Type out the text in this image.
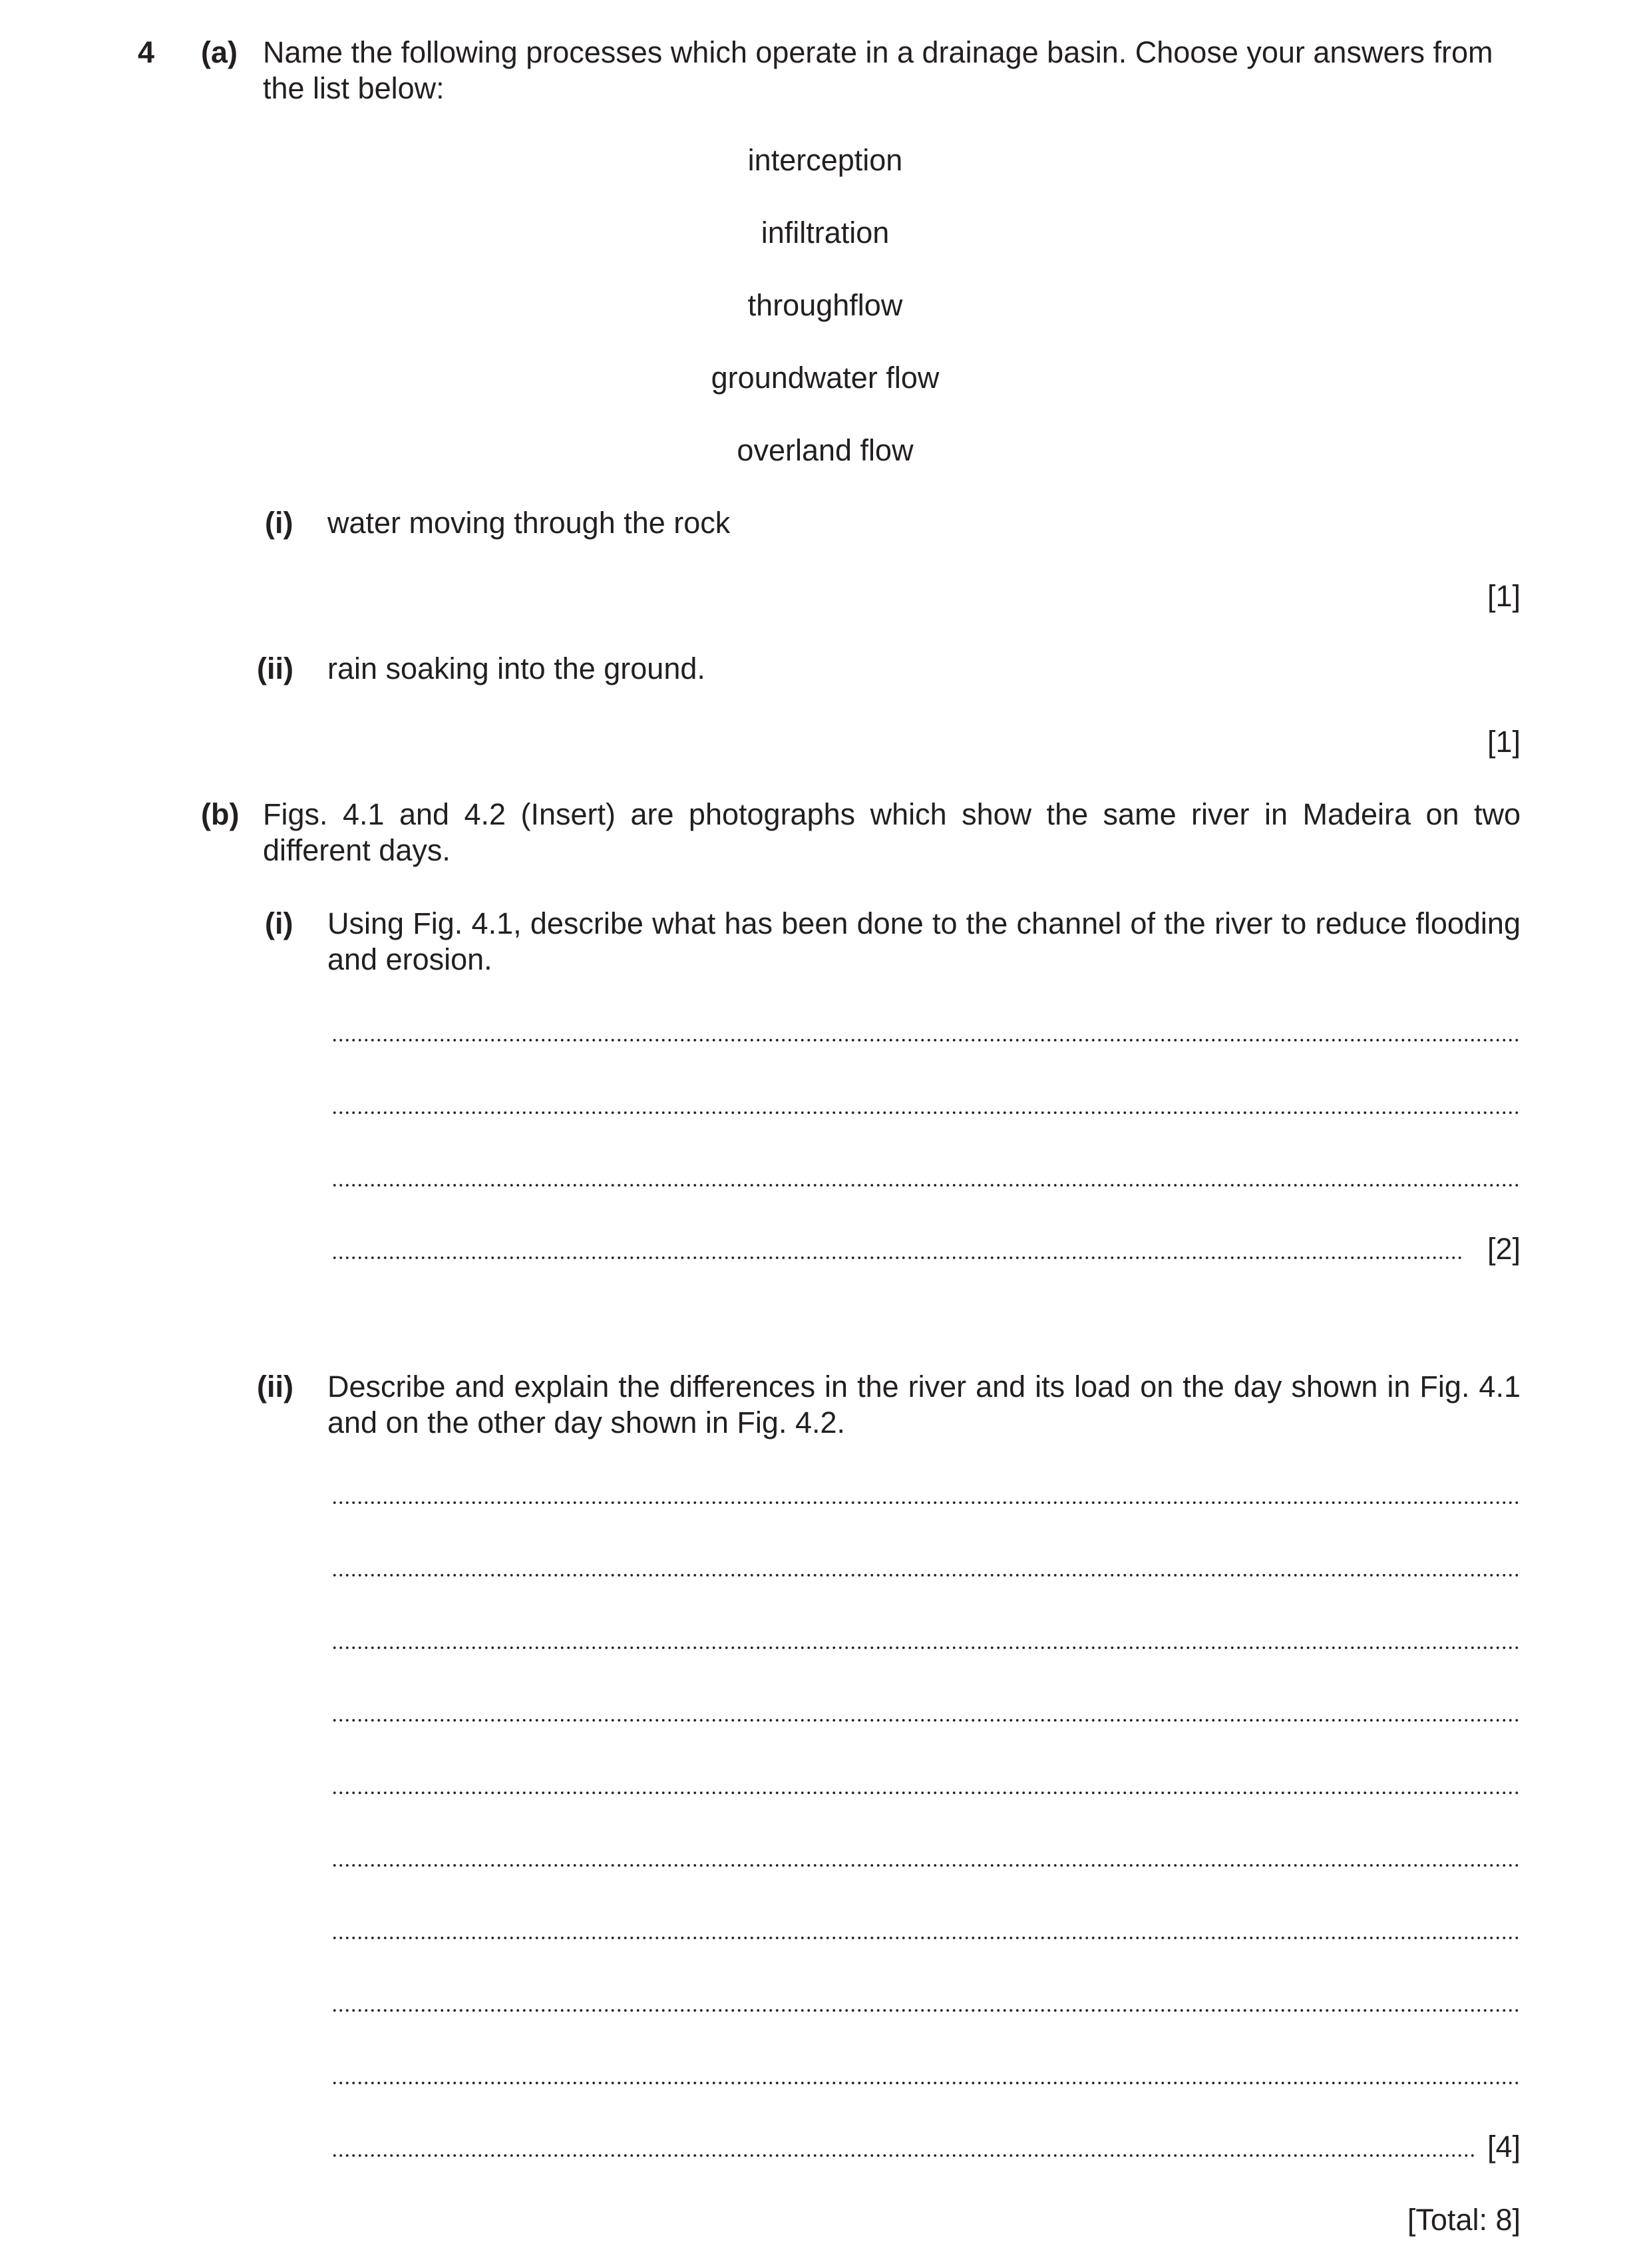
4 (a) Name the following processes which operate in a drainage basin. Choose your answers from
the list below:
interception
infiltration
throughflow
groundwater flow
overland flow
(i) water moving through the rock
[1]
(ii) rain soaking into the ground.
[1]
(b) Figs. 4.1 and 4.2 (Insert) are photographs which show the same river in Madeira on two
different days.
(i) Using Fig. 4.1, describe what has been done to the channel of the river to reduce flooding
and erosion.
[2]
(ii) Describe and explain the differences in the river and its load on the day shown in Fig. 4.1
and on the other day shown in Fig. 4.2.
[4]
[Total: 8]
